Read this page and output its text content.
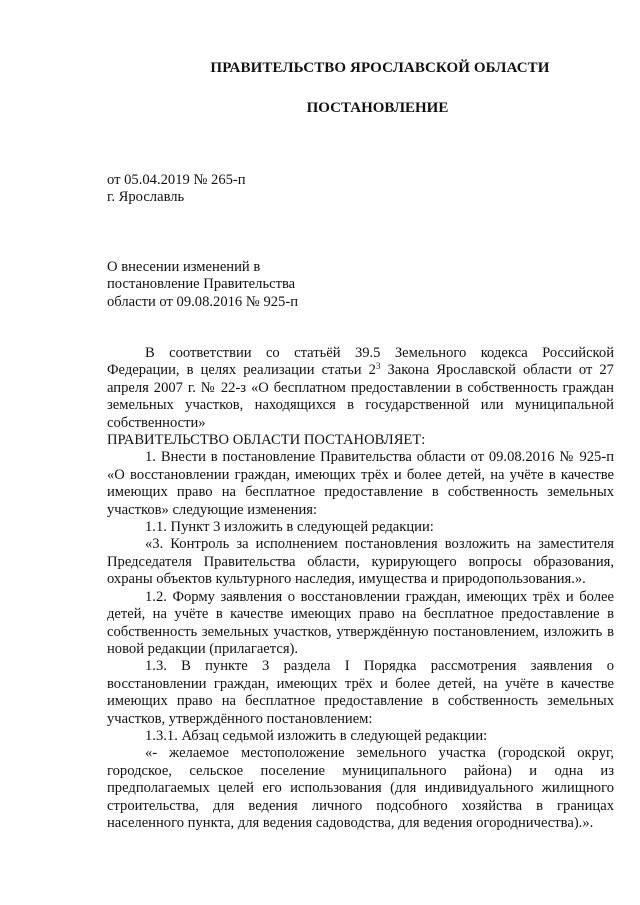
ПРАВИТЕЛЬСТВО ЯРОСЛАВСКОЙ ОБЛАСТИ
ПОСТАНОВЛЕНИЕ
от 05.04.2019 № 265-п
г. Ярославль
О внесении изменений в
постановление Правительства
области от 09.08.2016 № 925-п

В соответствии со статьёй 39.5 Земельного кодекса Российской Федерации, в целях реализации статьи $2^3$ Закона Ярославской области от 27 апреля 2007 г. № 22-з «О бесплатном предоставлении в собственность граждан земельных участков, находящихся в государственной или муниципальной собственности»

ПРАВИТЕЛЬСТВО ОБЛАСТИ ПОСТАНОВЛЯЕТ:

1. Внести в постановление Правительства области от 09.08.2016 № 925-п «О восстановлении граждан, имеющих трёх и более детей, на учёте в качестве имеющих право на бесплатное предоставление в собственность земельных участков» следующие изменения:

1.1. Пункт 3 изложить в следующей редакции:

«3. Контроль за исполнением постановления возложить на заместителя Председателя Правительства области, курирующего вопросы образования, охраны объектов культурного наследия, имущества и природопользования.».

1.2. Форму заявления о восстановлении граждан, имеющих трёх и более детей, на учёте в качестве имеющих право на бесплатное предоставление в собственность земельных участков, утверждённую постановлением, изложить в новой редакции (прилагается).

1.3. В пункте 3 раздела I Порядка рассмотрения заявления о восстановлении граждан, имеющих трёх и более детей, на учёте в качестве имеющих право на бесплатное предоставление в собственность земельных участков, утверждённого постановлением:

1.3.1. Абзац седьмой изложить в следующей редакции:

«- желаемое местоположение земельного участка (городской округ, городское, сельское поселение муниципального района) и одна из предполагаемых целей его использования (для индивидуального жилищного строительства, для ведения личного подсобного хозяйства в границах населенного пункта, для ведения садоводства, для ведения огородничества).».
